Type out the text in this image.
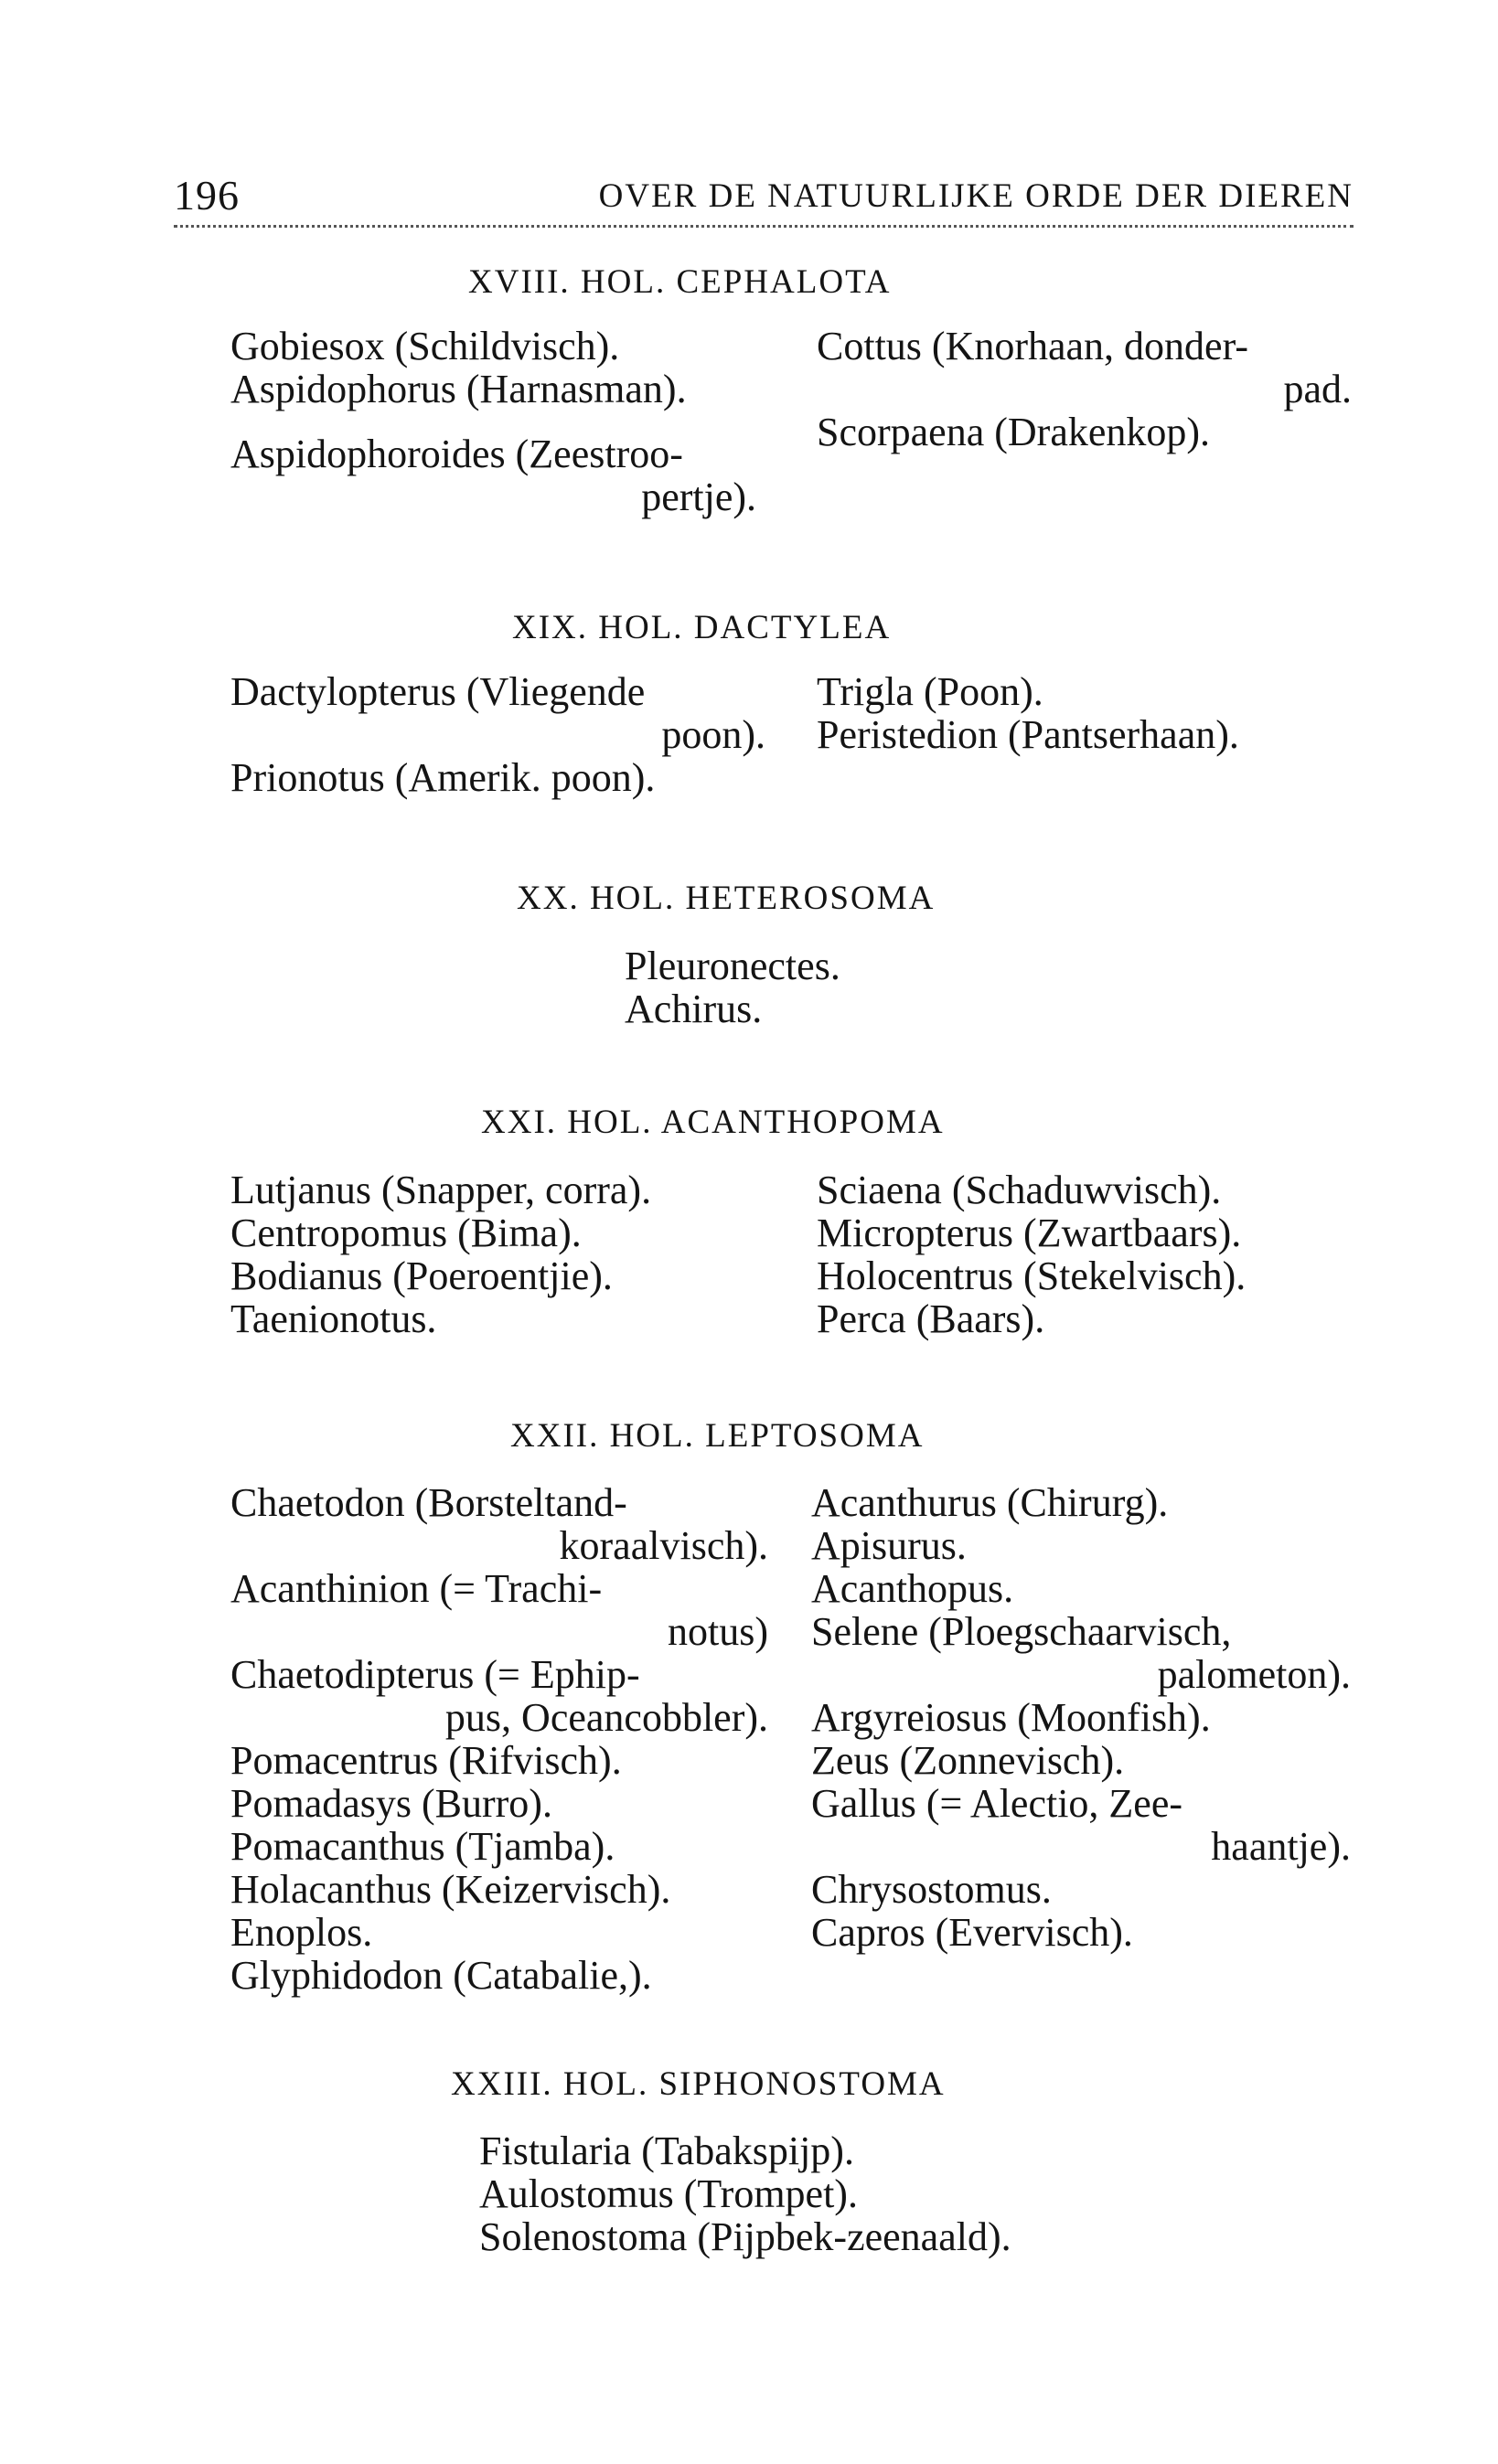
196	OVER DE NATUURLIJKE ORDE DER DIEREN
XVIII. HOL. CEPHALOTA
Gobiesox (Schildvisch).
Aspidophorus (Harnasman).
Aspidophoroides (Zeestroo-
pertje).
Cottus (Knorhaan, donder-
pad.
Scorpaena (Drakenkop).
XIX. HOL. DACTYLEA
Dactylopterus (Vliegende
poon).
Prionotus (Amerik. poon).
Trigla (Poon).
Peristedion (Pantserhaan).
XX. HOL. HETEROSOMA
Pleuronectes.
Achirus.
XXI. HOL. ACANTHOPOMA
Lutjanus (Snapper, corra).
Centropomus (Bima).
Bodianus (Poeroentjie).
Taenionotus.
Sciaena (Schaduwvisch).
Micropterus (Zwartbaars).
Holocentrus (Stekelvisch).
Perca (Baars).
XXII. HOL. LEPTOSOMA
Chaetodon (Borsteltand-
koraalvisch).
Acanthinion (= Trachi-
notus)
Chaetodipterus (= Ephip-
pus, Oceancobbler).
Pomacentrus (Rifvisch).
Pomadasys (Burro).
Pomacanthus (Tjamba).
Holacanthus (Keizervisch).
Enoplos.
Glyphidodon (Catabalie,).
Acanthurus (Chirurg).
Apisurus.
Acanthopus.
Selene (Ploegschaarvisch,
palometon).
Argyreiosus (Moonfish).
Zeus (Zonnevisch).
Gallus (= Alectio, Zee-
haantje).
Chrysostomus.
Capros (Evervisch).
XXIII. HOL. SIPHONOSTOMA
Fistularia (Tabakspijp).
Aulostomus (Trompet).
Solenostoma (Pijpbek-zeenaald).
